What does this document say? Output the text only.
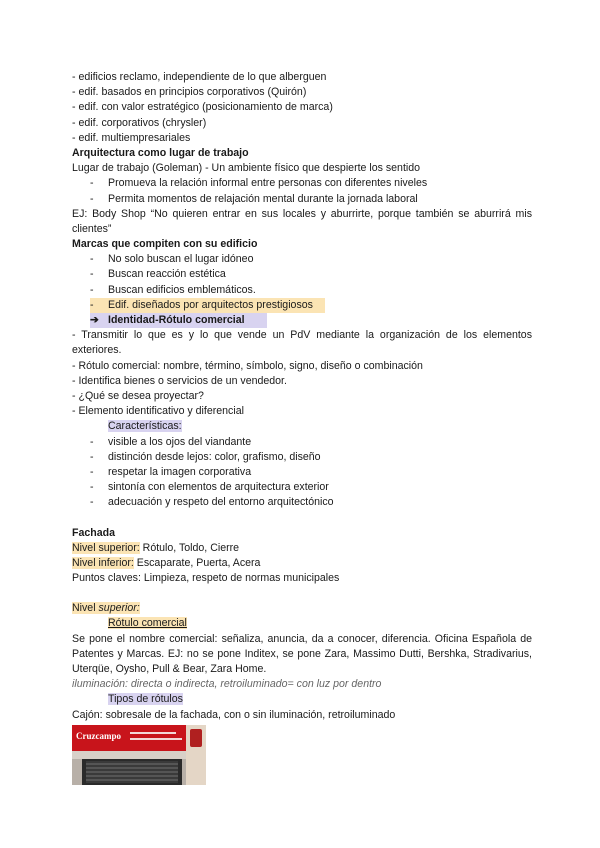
- edificios reclamo, independiente de lo que alberguen
- edif. basados en principios corporativos (Quirón)
- edif. con valor estratégico (posicionamiento de marca)
- edif. corporativos (chrysler)
- edif. multiempresariales
Arquitectura como lugar de trabajo
Lugar de trabajo (Goleman) - Un ambiente físico que despierte los sentido
-	Promueva la relación informal entre personas con diferentes niveles
-	Permita momentos de relajación mental durante la jornada laboral
EJ: Body Shop “No quieren entrar en sus locales y aburrirte, porque también se aburrirá mis clientes”
Marcas que compiten con su edificio
-	No solo buscan el lugar idóneo
-	Buscan reacción estética
-	Buscan edificios emblemáticos.
-	Edif. diseñados por arquitectos prestigiosos
➔ Identidad-Rótulo comercial
- Transmitir lo que es y lo que vende un PdV mediante la organización de los elementos exteriores.
- Rótulo comercial: nombre, término, símbolo, signo, diseño o combinación
- Identifica bienes o servicios de un vendedor.
- ¿Qué se desea proyectar?
- Elemento identificativo y diferencial
Características:
-	visible a los ojos del viandante
-	distinción desde lejos: color, grafismo, diseño
-	respetar la imagen corporativa
-	sintonía con elementos de arquitectura exterior
-	adecuación y respeto del entorno arquitectónico
Fachada
Nivel superior: Rótulo, Toldo, Cierre
Nivel inferior: Escaparate, Puerta, Acera
Puntos claves: Limpieza, respeto de normas municipales
Nivel superior:
Rótulo comercial
Se pone el nombre comercial: señaliza, anuncia, da a conocer, diferencia. Oficina Española de Patentes y Marcas. EJ: no se pone Inditex, se pone Zara, Massimo Dutti, Bershka, Stradivarius, Uterqüe, Oysho, Pull & Bear, Zara Home.
iluminación: directa o indirecta, retroiluminado= con luz por dentro
Tipos de rótulos
Cajón: sobresale de la fachada, con o sin iluminación, retroiluminado
Cruzcampo
